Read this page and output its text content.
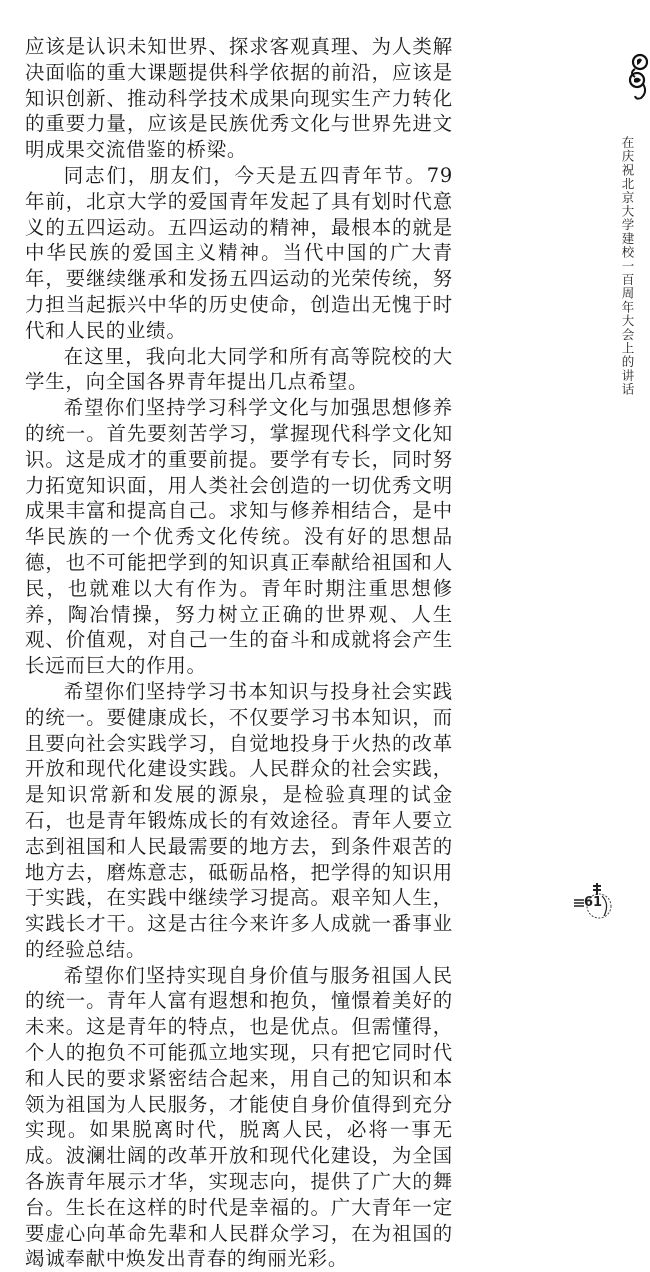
应该是认识未知世界、探求客观真理、为人类解决面临的重大课题提供科学依据的前沿，应该是知识创新、推动科学技术成果向现实生产力转化的重要力量，应该是民族优秀文化与世界先进文明成果交流借鉴的桥梁。

同志们，朋友们，今天是五四青年节。79 年前，北京大学的爱国青年发起了具有划时代意义的五四运动。五四运动的精神，最根本的就是中华民族的爱国主义精神。当代中国的广大青年，要继续继承和发扬五四运动的光荣传统，努力担当起振兴中华的历史使命，创造出无愧于时代和人民的业绩。

在这里，我向北大同学和所有高等院校的大学生，向全国各界青年提出几点希望。

希望你们坚持学习科学文化与加强思想修养的统一。首先要刻苦学习，掌握现代科学文化知识。这是成才的重要前提。要学有专长，同时努力拓宽知识面，用人类社会创造的一切优秀文明成果丰富和提高自己。求知与修养相结合，是中华民族的一个优秀文化传统。没有好的思想品德，也不可能把学到的知识真正奉献给祖国和人民，也就难以大有作为。青年时期注重思想修养，陶冶情操，努力树立正确的世界观、人生观、价值观，对自己一生的奋斗和成就将会产生长远而巨大的作用。

希望你们坚持学习书本知识与投身社会实践的统一。要健康成长，不仅要学习书本知识，而且要向社会实践学习，自觉地投身于火热的改革开放和现代化建设实践。人民群众的社会实践，是知识常新和发展的源泉，是检验真理的试金石，也是青年锻炼成长的有效途径。青年人要立志到祖国和人民最需要的地方去，到条件艰苦的地方去，磨炼意志，砥砺品格，把学得的知识用于实践，在实践中继续学习提高。艰辛知人生，实践长才干。这是古往今来许多人成就一番事业的经验总结。

希望你们坚持实现自身价值与服务祖国人民的统一。青年人富有遐想和抱负，憧憬着美好的未来。这是青年的特点，也是优点。但需懂得，个人的抱负不可能孤立地实现，只有把它同时代和人民的要求紧密结合起来，用自己的知识和本领为祖国为人民服务，才能使自身价值得到充分实现。如果脱离时代，脱离人民，必将一事无成。波澜壮阔的改革开放和现代化建设，为全国各族青年展示才华，实现志向，提供了广大的舞台。生长在这样的时代是幸福的。广大青年一定要虚心向革命先辈和人民群众学习，在为祖国的竭诚奉献中焕发出青春的绚丽光彩。

在庆祝北京大学建校一百周年大会上的讲话
61
